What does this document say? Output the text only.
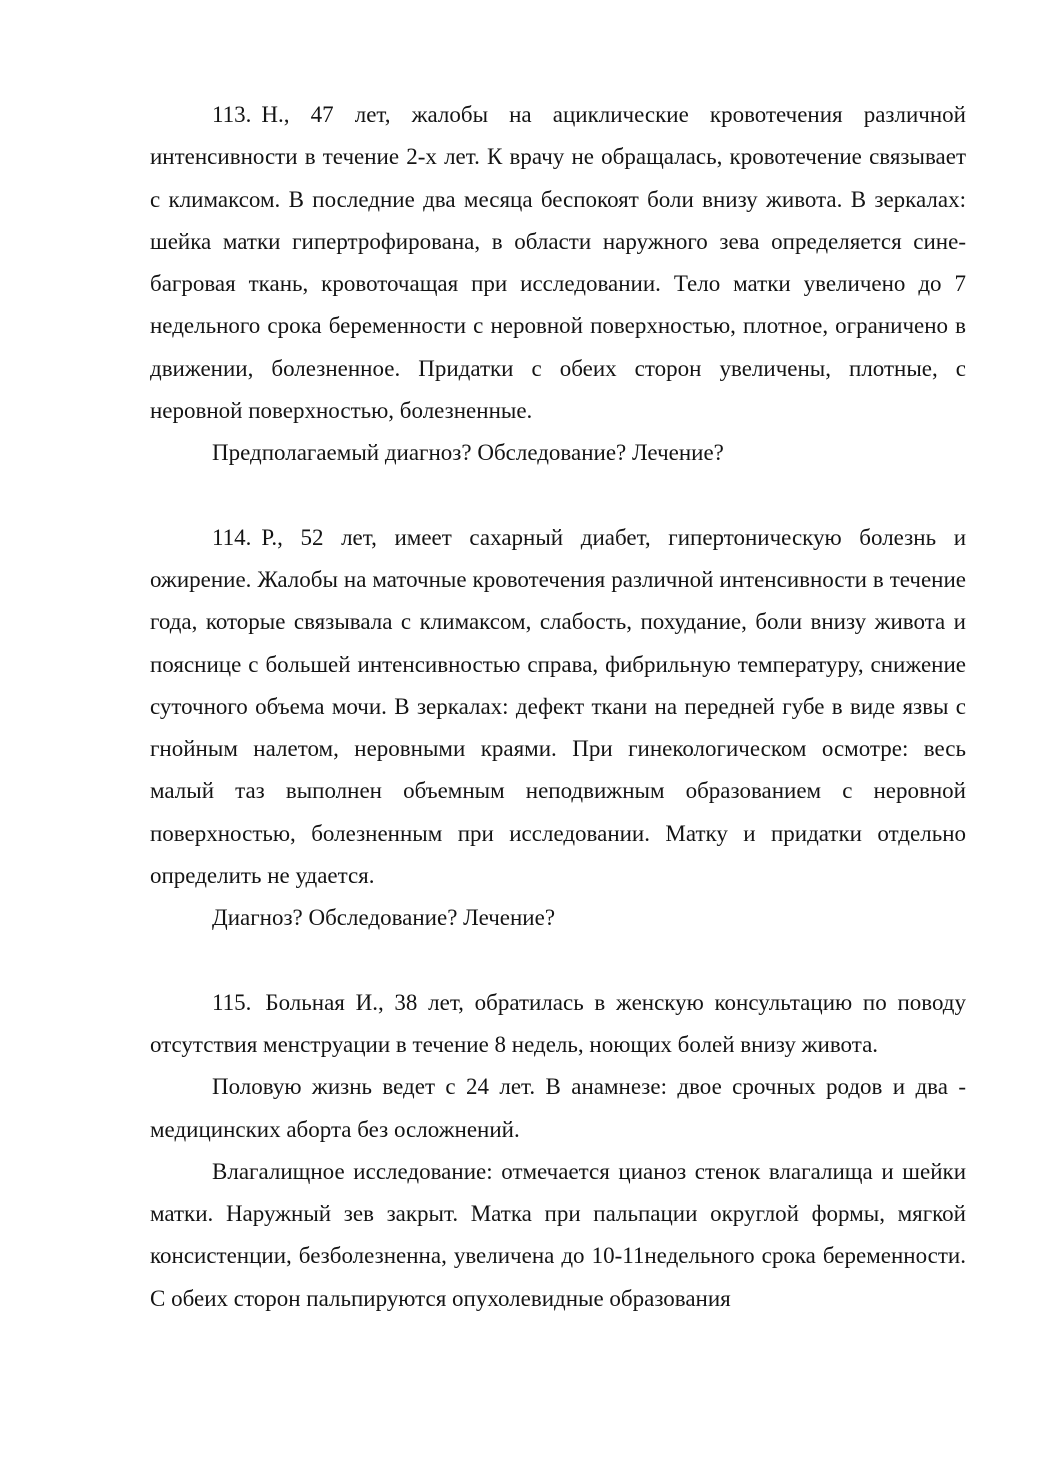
113. Н., 47 лет, жалобы на ациклические кровотечения различной интенсивности в течение 2-х лет. К врачу не обращалась, кровотечение связывает с климаксом. В последние два месяца беспокоят боли внизу живота. В зеркалах: шейка матки гипертрофирована, в области наружного зева определяется сине-багровая ткань, кровоточащая при исследовании. Тело матки увеличено до 7 недельного срока беременности с неровной поверхностью, плотное, ограничено в движении, болезненное. Придатки с обеих сторон увеличены, плотные, с неровной поверхностью, болезненные.

Предполагаемый диагноз? Обследование? Лечение?

114. Р., 52 лет, имеет сахарный диабет, гипертоническую болезнь и ожирение. Жалобы на маточные кровотечения различной интенсивности в течение года, которые связывала с климаксом, слабость, похудание, боли внизу живота и пояснице с большей интенсивностью справа, фибрильную температуру, снижение суточного объема мочи. В зеркалах: дефект ткани на передней губе в виде язвы с гнойным налетом, неровными краями. При гинекологическом осмотре: весь малый таз выполнен объемным неподвижным образованием с неровной поверхностью, болезненным при исследовании. Матку и придатки отдельно определить не удается.

Диагноз? Обследование? Лечение?

115. Больная И., 38 лет, обратилась в женскую консультацию по поводу отсутствия менструации в течение 8 недель, ноющих болей внизу живота.

Половую жизнь ведет с 24 лет. В анамнезе: двое срочных родов и два - медицинских аборта без осложнений.

Влагалищное исследование: отмечается цианоз стенок влагалища и шейки матки. Наружный зев закрыт. Матка при пальпации округлой формы, мягкой консистенции, безболезненна, увеличена до 10-11недельного срока беременности. С обеих сторон пальпируются опухолевидные образования
